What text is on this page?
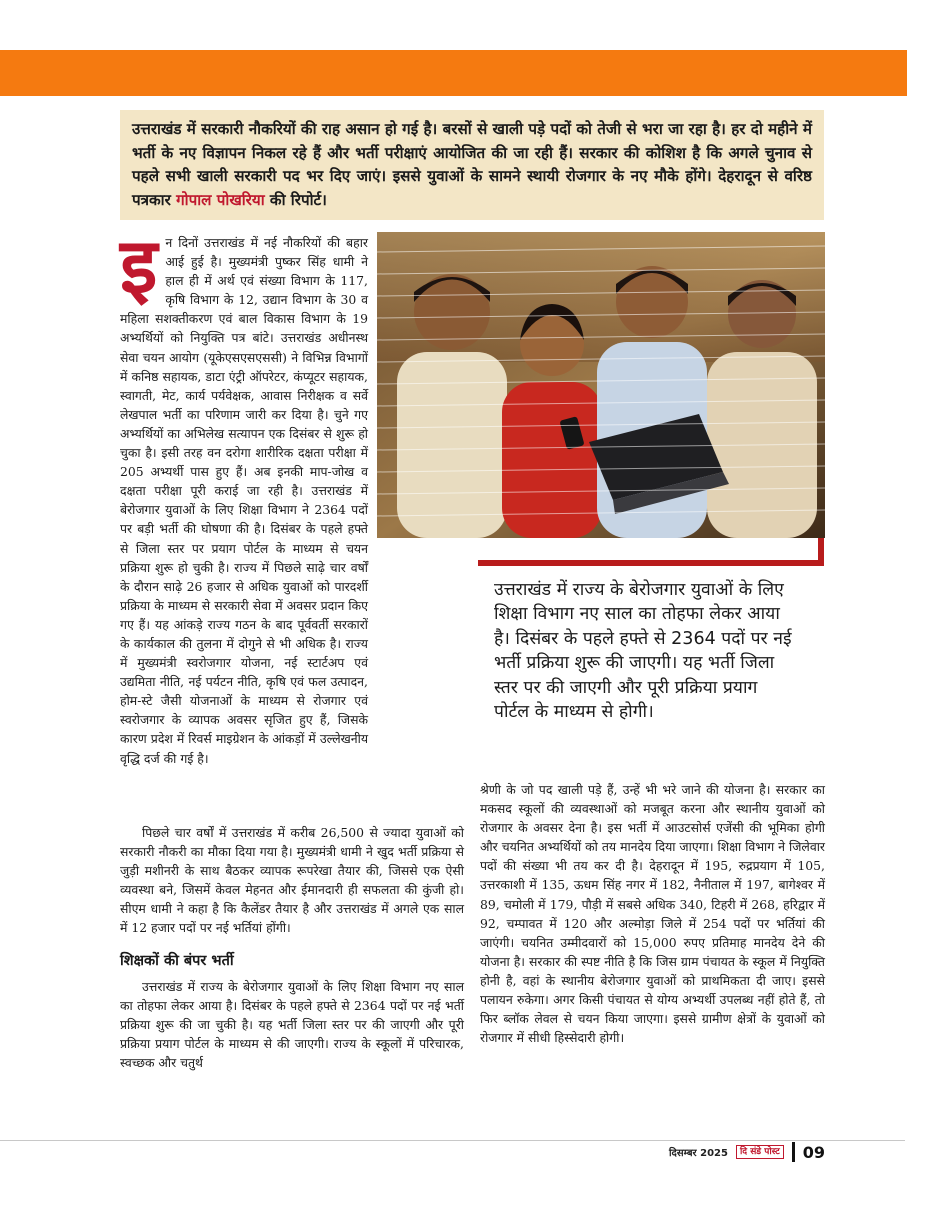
उत्तराखंड में सरकारी नौकरियों की राह असान हो गई है। बरसों से खाली पड़े पदों को तेजी से भरा जा रहा है। हर दो महीने में भर्ती के नए विज्ञापन निकल रहे हैं और भर्ती परीक्षाएं आयोजित की जा रही हैं। सरकार की कोशिश है कि अगले चुनाव से पहले सभी खाली सरकारी पद भर दिए जाएं। इससे युवाओं के सामने स्थायी रोजगार के नए मौके होंगे। देहरादून से वरिष्ठ पत्रकार गोपाल पोखरिया की रिपोर्ट।
इ न दिनों उत्तराखंड में नई नौकरियों की बहार आई हुई है। मुख्यमंत्री पुष्कर सिंह धामी ने हाल ही में अर्थ एवं संख्या विभाग के 117, कृषि विभाग के 12, उद्यान विभाग के 30 व महिला सशक्तीकरण एवं बाल विकास विभाग के 19 अभ्यर्थियों को नियुक्ति पत्र बांटे। उत्तराखंड अधीनस्थ सेवा चयन आयोग (यूकेएसएसएससी) ने विभिन्न विभागों में कनिष्ठ सहायक, डाटा एंट्री ऑपरेटर, कंप्यूटर सहायक, स्वागती, मेट, कार्य पर्यवेक्षक, आवास निरीक्षक व सर्वे लेखपाल भर्ती का परिणाम जारी कर दिया है। चुने गए अभ्यर्थियों का अभिलेख सत्यापन एक दिसंबर से शुरू हो चुका है। इसी तरह वन दरोगा शारीरिक दक्षता परीक्षा में 205 अभ्यर्थी पास हुए हैं। अब इनकी माप-जोख व दक्षता परीक्षा पूरी कराई जा रही है। उत्तराखंड में बेरोजगार युवाओं के लिए शिक्षा विभाग ने 2364 पदों पर बड़ी भर्ती की घोषणा की है। दिसंबर के पहले हफ्ते से जिला स्तर पर प्रयाग पोर्टल के माध्यम से चयन प्रक्रिया शुरू हो चुकी है। राज्य में पिछले साढ़े चार वर्षों के दौरान साढ़े 26 हजार से अधिक युवाओं को पारदर्शी प्रक्रिया के माध्यम से सरकारी सेवा में अवसर प्रदान किए गए हैं। यह आंकड़े राज्य गठन के बाद पूर्ववर्ती सरकारों के कार्यकाल की तुलना में दोगुने से भी अधिक है। राज्य में मुख्यमंत्री स्वरोजगार योजना, नई स्टार्टअप एवं उद्यमिता नीति, नई पर्यटन नीति, कृषि एवं फल उत्पादन, होम-स्टे जैसी योजनाओं के माध्यम से रोजगार एवं स्वरोजगार के व्यापक अवसर सृजित हुए हैं, जिसके कारण प्रदेश में रिवर्स माइग्रेशन के आंकड़ों में उल्लेखनीय वृद्धि दर्ज की गई है।

पिछले चार वर्षों में उत्तराखंड में करीब 26,500 से ज्यादा युवाओं को सरकारी नौकरी का मौका दिया गया है। मुख्यमंत्री धामी ने खुद भर्ती प्रक्रिया से जुड़ी मशीनरी के साथ बैठकर व्यापक रूपरेखा तैयार की, जिससे एक ऐसी व्यवस्था बने, जिसमें केवल मेहनत और ईमानदारी ही सफलता की कुंजी हो। सीएम धामी ने कहा है कि कैलेंडर तैयार है और उत्तराखंड में अगले एक साल में 12 हजार पदों पर नई भर्तियां होंगी।

शिक्षकों की बंपर भर्ती

उत्तराखंड में राज्य के बेरोजगार युवाओं के लिए शिक्षा विभाग नए साल का तोहफा लेकर आया है। दिसंबर के पहले हफ्ते से 2364 पदों पर नई भर्ती प्रक्रिया शुरू की जा चुकी है। यह भर्ती जिला स्तर पर की जाएगी और पूरी प्रक्रिया प्रयाग पोर्टल के माध्यम से की जाएगी। राज्य के स्कूलों में परिचारक, स्वच्छक और चतुर्थ

उत्तराखंड में राज्य के बेरोजगार युवाओं के लिए शिक्षा विभाग नए साल का तोहफा लेकर आया है। दिसंबर के पहले हफ्ते से 2364 पदों पर नई भर्ती प्रक्रिया शुरू की जाएगी। यह भर्ती जिला स्तर पर की जाएगी और पूरी प्रक्रिया प्रयाग पोर्टल के माध्यम से होगी।

श्रेणी के जो पद खाली पड़े हैं, उन्हें भी भरे जाने की योजना है। सरकार का मकसद स्कूलों की व्यवस्थाओं को मजबूत करना और स्थानीय युवाओं को रोजगार के अवसर देना है। इस भर्ती में आउटसोर्स एजेंसी की भूमिका होगी और चयनित अभ्यर्थियों को तय मानदेय दिया जाएगा। शिक्षा विभाग ने जिलेवार पदों की संख्या भी तय कर दी है। देहरादून में 195, रुद्रप्रयाग में 105, उत्तरकाशी में 135, ऊधम सिंह नगर में 182, नैनीताल में 197, बागेश्वर में 89, चमोली में 179, पौड़ी में सबसे अधिक 340, टिहरी में 268, हरिद्वार में 92, चम्पावत में 120 और अल्मोड़ा जिले में 254 पदों पर भर्तियां की जाएंगी। चयनित उम्मीदवारों को 15,000 रुपए प्रतिमाह मानदेय देने की योजना है। सरकार की स्पष्ट नीति है कि जिस ग्राम पंचायत के स्कूल में नियुक्ति होनी है, वहां के स्थानीय बेरोजगार युवाओं को प्राथमिकता दी जाए। इससे पलायन रुकेगा। अगर किसी पंचायत से योग्य अभ्यर्थी उपलब्ध नहीं होते हैं, तो फिर ब्लॉक लेवल से चयन किया जाएगा। इससे ग्रामीण क्षेत्रों के युवाओं को रोजगार में सीधी हिस्सेदारी होगी।

दिसम्बर 2025	दि संडे पोस्ट 09
